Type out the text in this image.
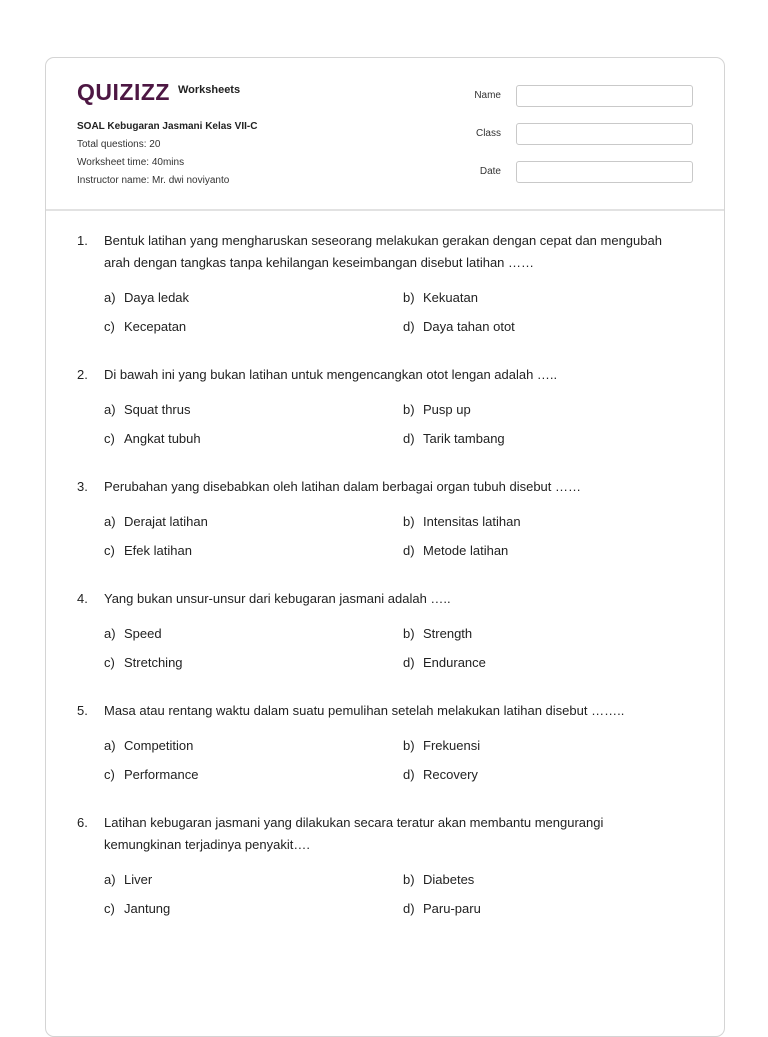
QUIZIZZ Worksheets
SOAL Kebugaran Jasmani Kelas VII-C
Total questions: 20
Worksheet time: 40mins
Instructor name: Mr. dwi noviyanto
Name
Class
Date
1. Bentuk latihan yang mengharuskan seseorang melakukan gerakan dengan cepat dan mengubah arah dengan tangkas tanpa kehilangan keseimbangan disebut latihan ……
a) Daya ledak	b) Kekuatan
c) Kecepatan	d) Daya tahan otot
2. Di bawah ini yang bukan latihan untuk mengencangkan otot lengan adalah …..
a) Squat thrus	b) Pusp up
c) Angkat tubuh	d) Tarik tambang
3. Perubahan yang disebabkan oleh latihan dalam berbagai organ tubuh disebut ……
a) Derajat latihan	b) Intensitas latihan
c) Efek latihan	d) Metode latihan
4. Yang bukan unsur-unsur dari kebugaran jasmani adalah …..
a) Speed	b) Strength
c) Stretching	d) Endurance
5. Masa atau rentang waktu dalam suatu pemulihan setelah melakukan latihan disebut ……..
a) Competition	b) Frekuensi
c) Performance	d) Recovery
6. Latihan kebugaran jasmani yang dilakukan secara teratur akan membantu mengurangi kemungkinan terjadinya penyakit….
a) Liver	b) Diabetes
c) Jantung	d) Paru-paru
